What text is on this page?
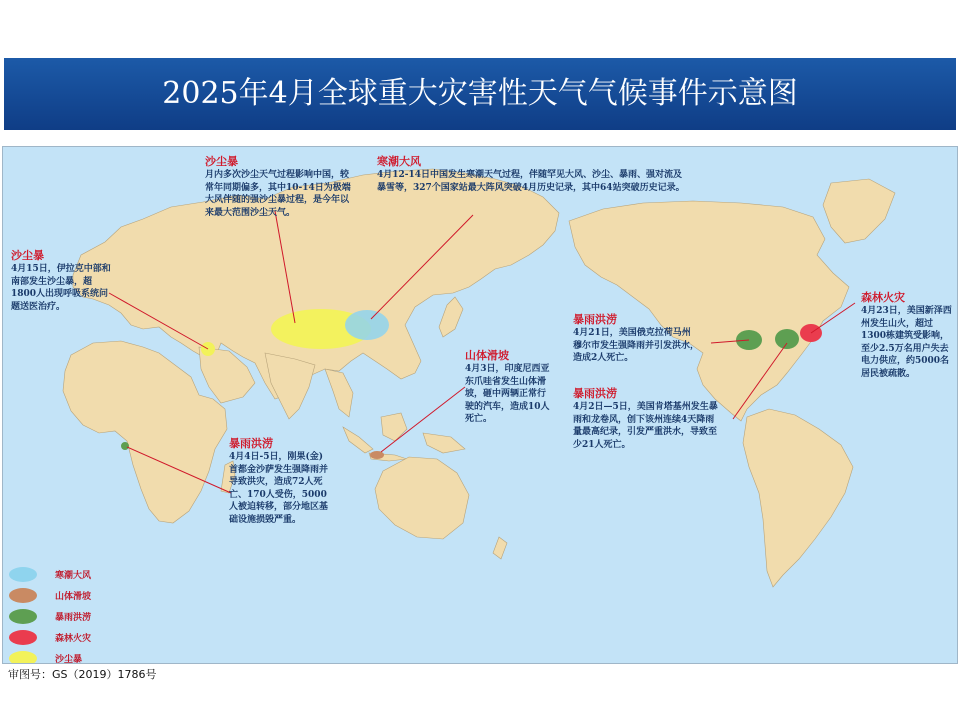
2025年4月全球重大灾害性天气气候事件示意图
沙尘暴
4月15日，伊拉克中部和南部发生沙尘暴，超1800人出现呼吸系统问题送医治疗。
沙尘暴
月内多次沙尘天气过程影响中国，较常年同期偏多，其中10-14日为极端大风伴随的强沙尘暴过程，是今年以来最大范围沙尘天气。
寒潮大风
4月12-14日中国发生寒潮天气过程，伴随罕见大风、沙尘、暴雨、强对流及暴雪等，327个国家站最大阵风突破4月历史记录，其中64站突破历史记录。
山体滑坡
4月3日，印度尼西亚东爪哇省发生山体滑坡，砸中两辆正常行驶的汽车，造成10人死亡。
暴雨洪涝
4月4日-5日，刚果(金)首都金沙萨发生强降雨并导致洪灾，造成72人死亡、170人受伤，5000人被迫转移，部分地区基础设施损毁严重。
暴雨洪涝
4月21日，美国俄克拉荷马州穆尔市发生强降雨并引发洪水，造成2人死亡。
暴雨洪涝
4月2日—5日，美国肯塔基州发生暴雨和龙卷风，创下该州连续4天降雨量最高纪录，引发严重洪水，导致至少21人死亡。
森林火灾
4月23日，美国新泽西州发生山火，超过1300栋建筑受影响，至少2.5万名用户失去电力供应，约5000名居民被疏散。
寒潮大风
山体滑坡
暴雨洪涝
森林火灾
沙尘暴
审图号：GS（2019）1786号
